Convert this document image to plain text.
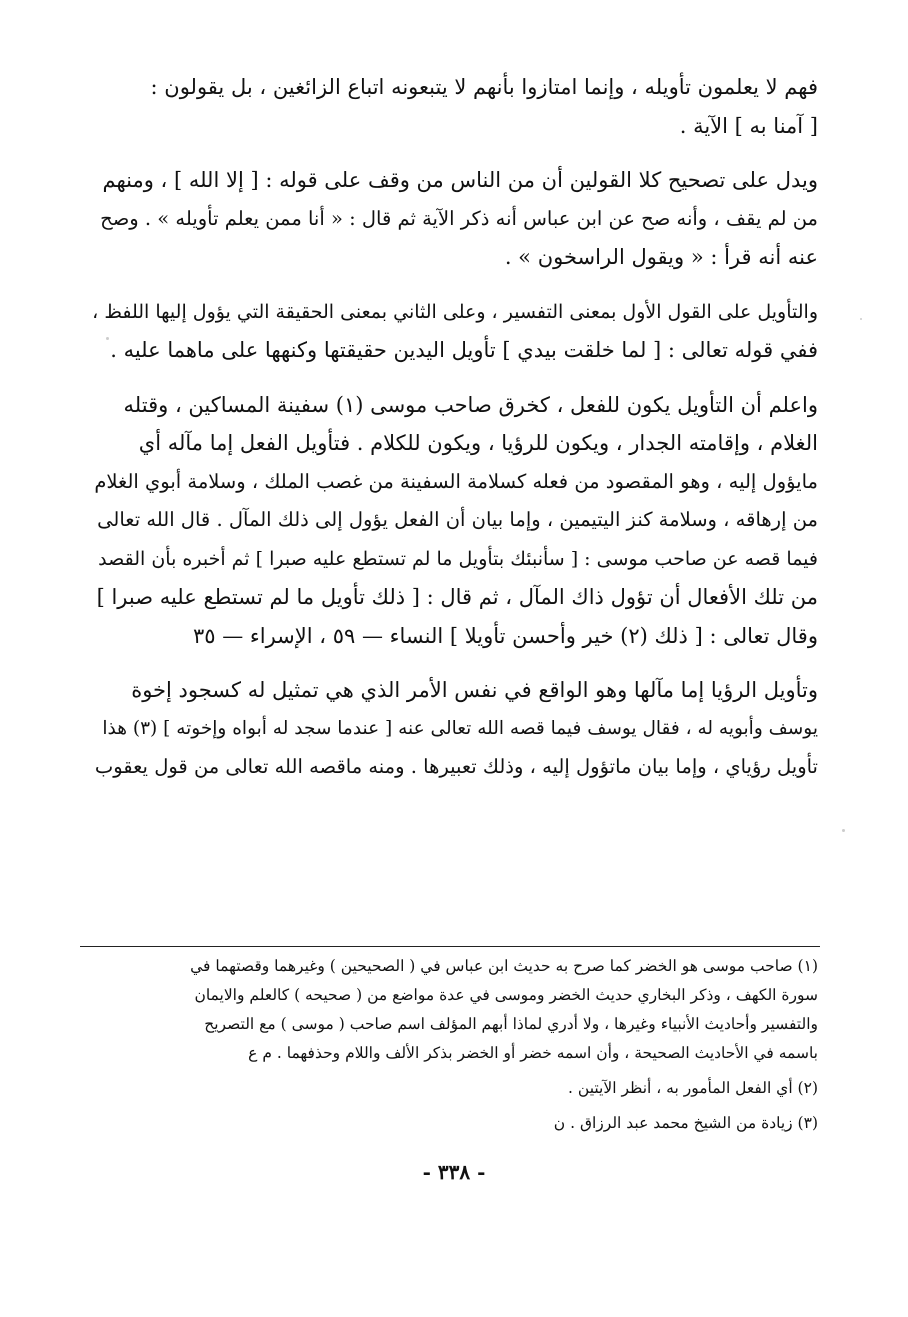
فهم لا يعلمون تأويله ، وإنما امتازوا بأنهم لا يتبعونه اتباع الزائغين ، بل يقولون :
[ آمنا به ] الآية .

ويدل على تصحيح كلا القولين أن من الناس من وقف على قوله : [ إلا الله ] ، ومنهم
من لم يقف ، وأنه صح عن ابن عباس أنه ذكر الآية ثم قال : « أنا ممن يعلم تأويله » . وصح
عنه أنه قرأ : « ويقول الراسخون » .

والتأويل على القول الأول بمعنى التفسير ، وعلى الثاني بمعنى الحقيقة التي يؤول إليها اللفظ ،
ففي قوله تعالى : [ لما خلقت بيدي ] تأويل اليدين حقيقتها وكنهها على ماهما عليه .

واعلم أن التأويل يكون للفعل ، كخرق صاحب موسى (١) سفينة المساكين ، وقتله
الغلام ، وإقامته الجدار ، ويكون للرؤيا ، ويكون للكلام . فتأويل الفعل إما مآله أي
مايؤول إليه ، وهو المقصود من فعله كسلامة السفينة من غصب الملك ، وسلامة أبوي الغلام
من إرهاقه ، وسلامة كنز اليتيمين ، وإما بيان أن الفعل يؤول إلى ذلك المآل . قال الله تعالى
فيما قصه عن صاحب موسى : [ سأنبئك بتأويل ما لم تستطع عليه صبرا ] ثم أخبره بأن القصد
من تلك الأفعال أن تؤول ذاك المآل ، ثم قال : [ ذلك تأويل ما لم تستطع عليه صبرا ]
وقال تعالى : [ ذلك (٢) خير وأحسن تأويلا ] النساء — ٥٩ ، الإسراء — ٣٥

وتأويل الرؤيا إما مآلها وهو الواقع في نفس الأمر الذي هي تمثيل له كسجود إخوة
يوسف وأبويه له ، فقال يوسف فيما قصه الله تعالى عنه [ عندما سجد له أبواه وإخوته ] (٣) هذا
تأويل رؤياي ، وإما بيان ماتؤول إليه ، وذلك تعبيرها . ومنه ماقصه الله تعالى من قول يعقوب

(١) صاحب موسى هو الخضر كما صرح به حديث ابن عباس في ( الصحيحين ) وغيرهما وقصتهما في
سورة الكهف ، وذكر البخاري حديث الخضر وموسى في عدة مواضع من ( صحيحه ) كالعلم والايمان
والتفسير وأحاديث الأنبياء وغيرها ، ولا أدري لماذا أبهم المؤلف اسم صاحب ( موسى ) مع التصريح
باسمه في الأحاديث الصحيحة ، وأن اسمه خضر أو الخضر بذكر الألف واللام وحذفهما . م ع

(٢) أي الفعل المأمور به ، أنظر الآيتين .

(٣) زيادة من الشيخ محمد عبد الرزاق . ن

- ٣٣٨ -
